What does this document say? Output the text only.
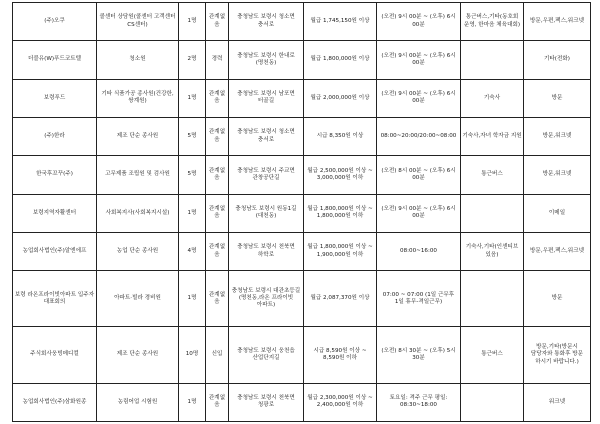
(주)오쿠	콜센터 상담원(콜센터 고객센터 CS센터)	1명	관계없음	충청남도 보령시 청소면 충서로	월급 1,745,150원 이상	(오전) 9시 00분 ~ (오후) 6시 00분	통근버스,기타(동호회 운영, 한마음 체육대회)	방문,우편,팩스,워크넷
더블유(W)푸드코트텔	청소원	2명	경력	충청남도 보령시 한내로 (명천동)	월급 1,800,000원 이상	(오전) 9시 00분 ~ (오후) 6시 00분		기타(전화)
보령푸드	기타 식품가공 종사원(건강한,쌍계원)	1명	관계없음	충청남도 보령시 남포면 터골길	월급 2,000,000원 이상	(오전) 9시 00분 ~ (오후) 6시 00분	기숙사	방문
(주)한라	제조 단순 종사원	5명	관계없음	충청남도 보령시 청소면 충서로	시급 8,350원 이상	08:00~20:00/20:00~08:00	기숙사,자녀 학자금 지원	방문,워크넷
한국후꼬꾸(주)	고무제품 조립원 및 검사원	5명	관계없음	충청남도 보령시 주교면 관창공단길	월급 2,500,000원 이상 ~ 3,000,000원 이하	(오전) 8시 00분 ~ (오후) 6시 00분	통근버스	방문,워크넷
보령지역자활센터	사회복지사(사회복지시설)	1명	관계없음	충청남도 보령시 원동1길 (대천동)	월급 1,800,000원 이상 ~ 1,800,000원 이하	(오전) 9시 00분 ~ (오후) 6시 00분		이메일
농업회사법인(주)알엔에프	농업 단순 종사원	4명	관계없음	충청남도 보령시 천북면 하학로	월급 1,800,000원 이상 ~ 1,900,000원 이하	08:00~16:00	기숙사,기타(인센티브 있음)	방문,우편,팩스,워크넷
보령 라온프라이빗아파트 입주자 대표회의	아파트·빌라 경비원	1명	관계없음	충청남도 보령시 대관초등길 (명천동,라온 프라이빗 아파트)	월급 2,087,370원 이상	07:00 ~ 07:00 (1일 근무후 1일 휴무-격일근무)		방문
주식회사웅빙메디컬	제조 단순 종사원	10명	신입	충청남도 보령시 웅천읍 산업단지길	시급 8,590원 이상 ~ 8,590원 이하	(오전) 8시 30분 ~ (오후) 5시 30분	통근버스	방문,기타(방문시 담당자와 통화후 방문 하시기 바랍니다.)
농업회사법인(주)삼화원종	농림어업 시험원	1명	관계없음	충청남도 보령시 천북면 청광로	월급 2,300,000원 이상 ~ 2,400,000원 이하	토요일: 격주 근무 평일: 08:30~18:00		워크넷
